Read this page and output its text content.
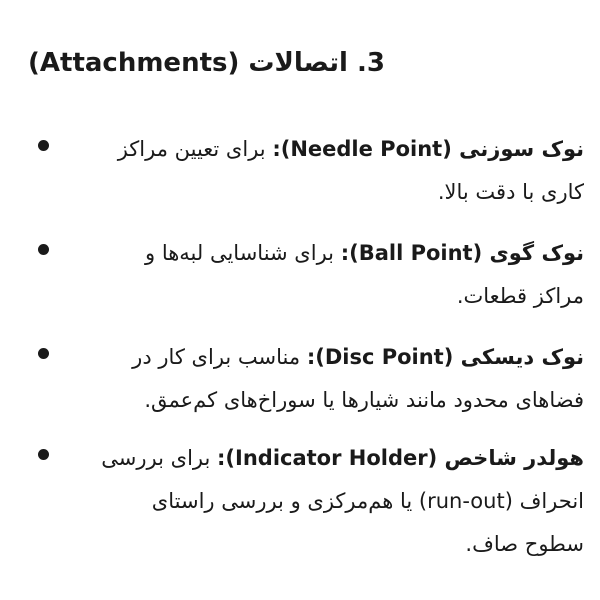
3. اتصالات (Attachments)
نوک سوزنی (Needle Point): برای تعیین مراکز کاری با دقت بالا.
نوک گوی (Ball Point): برای شناسایی لبه‌ها و مراکز قطعات.
نوک دیسکی (Disc Point): مناسب برای کار در فضاهای محدود مانند شیارها یا سوراخ‌های کم‌عمق.
هولدر شاخص (Indicator Holder): برای بررسی انحراف (run-out) یا هم‌مرکزی و بررسی راستای سطوح صاف.
